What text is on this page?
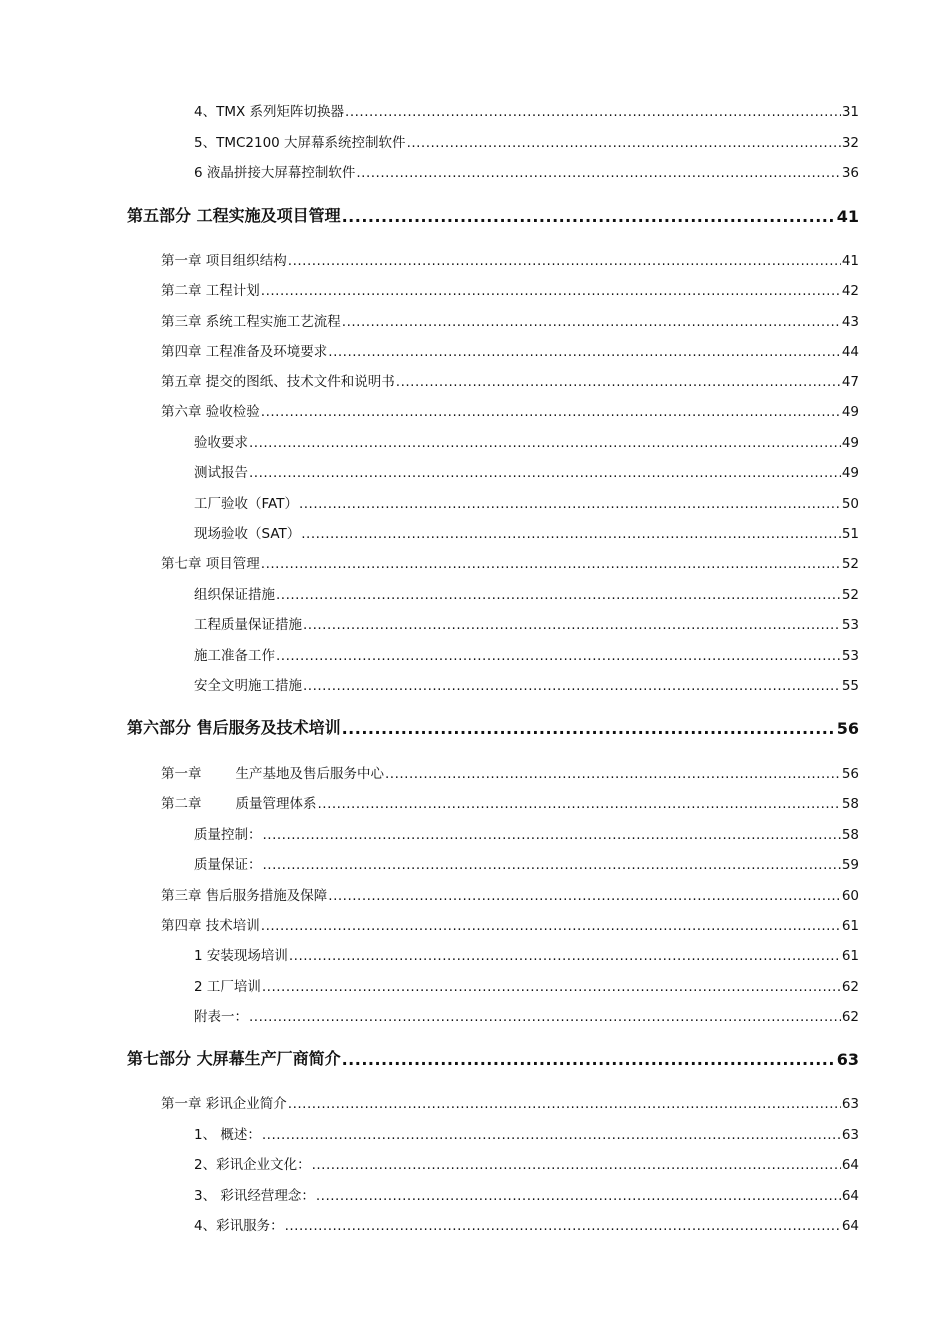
4、TMX 系列矩阵切换器 .....	31
5、TMC2100 大屏幕系统控制软件 .....	32
6 液晶拼接大屏幕控制软件 .....	36
第五部分 工程实施及项目管理 .....	41
第一章 项目组织结构 .....	41
第二章 工程计划 .....	42
第三章 系统工程实施工艺流程 .....	43
第四章 工程准备及环境要求 .....	44
第五章 提交的图纸、技术文件和说明书 .....	47
第六章 验收检验 .....	49
验收要求 .....	49
测试报告 .....	49
工厂验收（FAT） .....	50
现场验收（SAT） .....	51
第七章 项目管理 .....	52
组织保证措施 .....	52
工程质量保证措施 .....	53
施工准备工作 .....	53
安全文明施工措施 .....	55
第六部分 售后服务及技术培训 .....	56
第一章	生产基地及售后服务中心 .....	56
第二章	质量管理体系 .....	58
质量控制： .....	58
质量保证： .....	59
第三章 售后服务措施及保障 .....	60
第四章 技术培训 .....	61
1 安装现场培训 .....	61
2 工厂培训 .....	62
附表一： .....	62
第七部分 大屏幕生产厂商简介 .....	63
第一章 彩讯企业简介 .....	63
1、 概述： .....	63
2、彩讯企业文化： .....	64
3、 彩讯经营理念： .....	64
4、彩讯服务： .....	64
